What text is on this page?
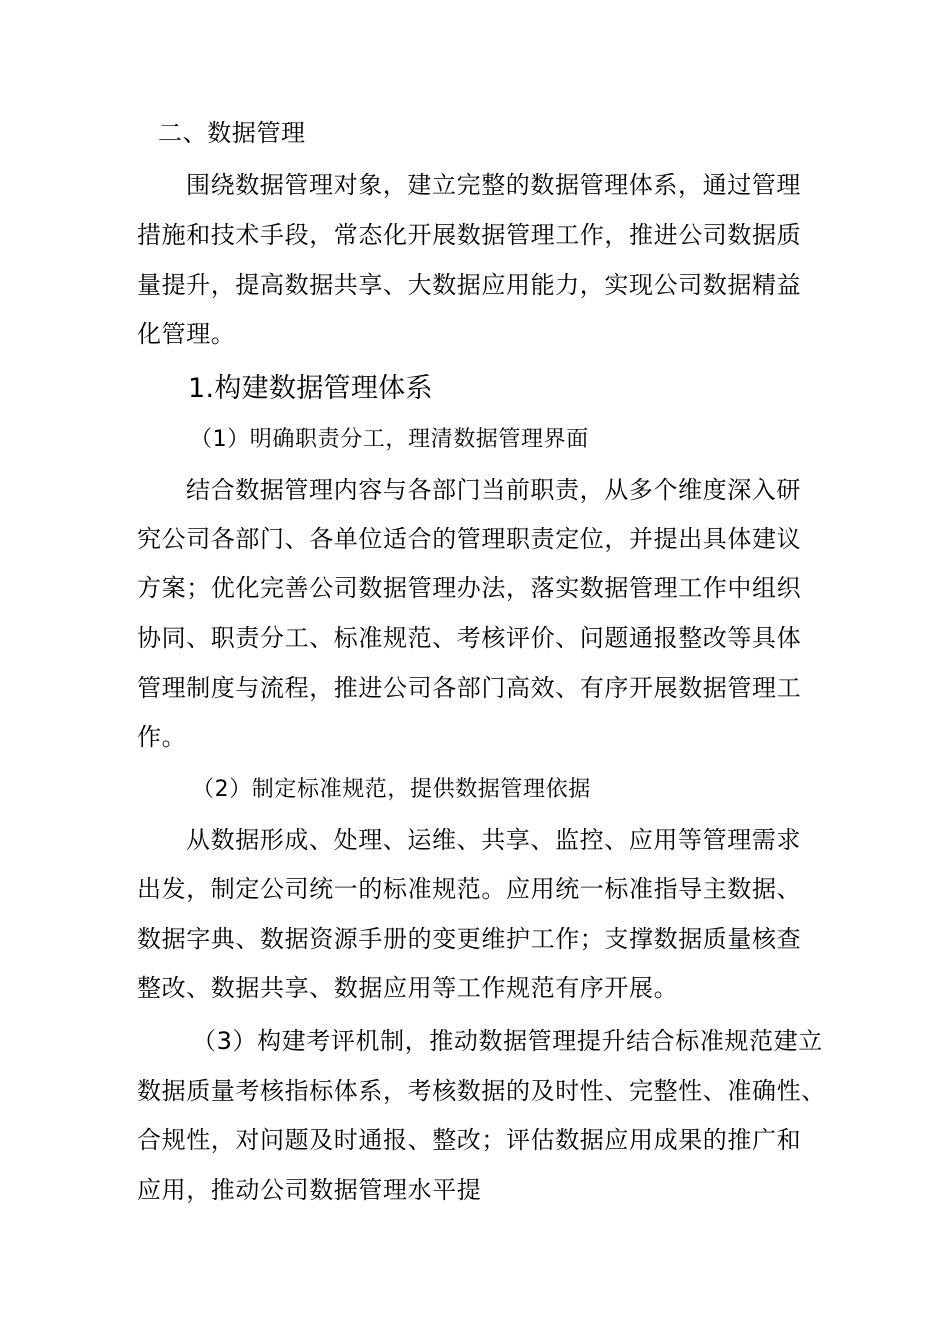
二、数据管理
围绕数据管理对象，建立完整的数据管理体系，通过管理
措施和技术手段，常态化开展数据管理工作，推进公司数据质
量提升，提高数据共享、大数据应用能力，实现公司数据精益
化管理。
1.构建数据管理体系
（1）明确职责分工，理清数据管理界面
结合数据管理内容与各部门当前职责，从多个维度深入研
究公司各部门、各单位适合的管理职责定位，并提出具体建议
方案；优化完善公司数据管理办法，落实数据管理工作中组织
协同、职责分工、标准规范、考核评价、问题通报整改等具体
管理制度与流程，推进公司各部门高效、有序开展数据管理工
作。
（2）制定标准规范，提供数据管理依据
从数据形成、处理、运维、共享、监控、应用等管理需求
出发，制定公司统一的标准规范。应用统一标准指导主数据、
数据字典、数据资源手册的变更维护工作；支撑数据质量核查
整改、数据共享、数据应用等工作规范有序开展。
（3）构建考评机制，推动数据管理提升结合标准规范建立
数据质量考核指标体系，考核数据的及时性、完整性、准确性、
合规性，对问题及时通报、整改；评估数据应用成果的推广和
应用，推动公司数据管理水平提
